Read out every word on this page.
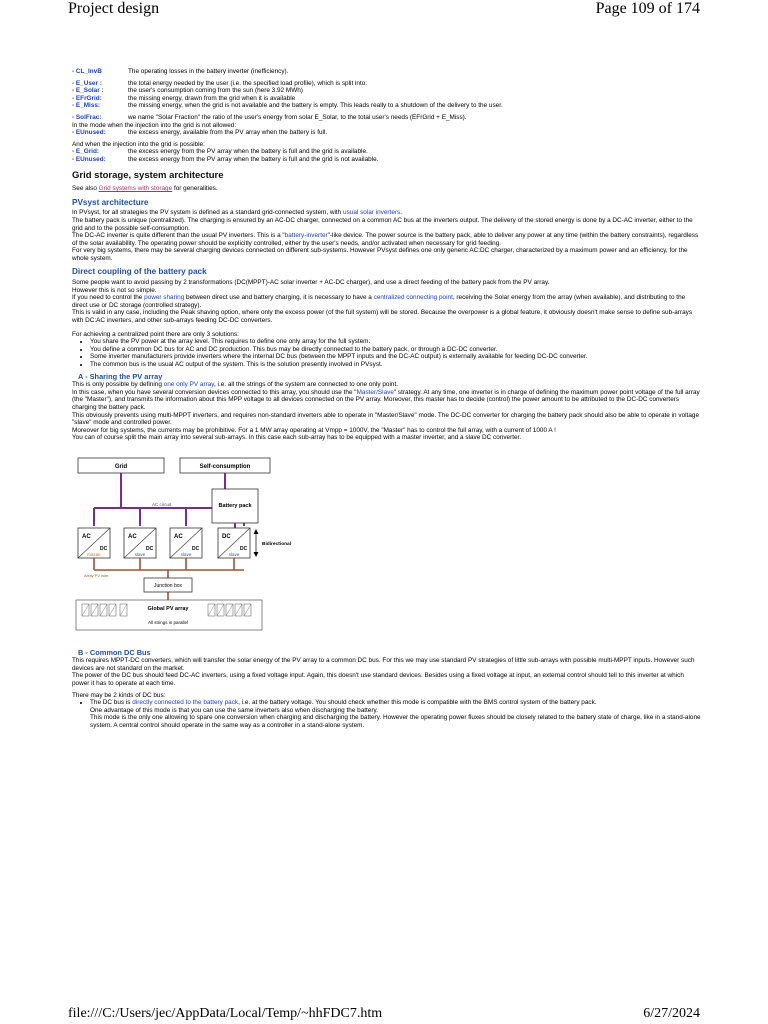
Project design	Page 109 of 174
- CL_InvB	The operating losses in the battery inverter (inefficiency).
- E_User :	the total energy needed by the user (i.e. the specified load profile), which is split into:
- E_Solar :	the user's consumption coming from the sun (here 3.92 MWh)
- EFrGrid:	the missing energy, drawn from the grid when it is available
- E_Miss:	the missing energy, when the grid is not available and the battery is empty. This leads really to a shutdown of the delivery to the user.
- SolFrac:	we name "Solar Fraction" the ratio of the user's energy from solar E_Solar, to the total user's needs (EFrGrid + E_Miss).

In the mode when the injection into the grid is not allowed:

- EUnused:	the excess energy, available from the PV array when the battery is full.

And when the injection into the grid is possible:

- E_Grid:	the excess energy from the PV array when the battery is full and the grid is available.
- EUnused:	the excess energy from the PV array when the battery is full and the grid is not available.
Grid storage, system architecture

See also Grid systems with storage for generalities.

PVsyst architecture

In PVsyst, for all strategies the PV system is defined as a standard grid-connected system, with usual solar inverters.

The battery pack is unique (centralized). The charging is ensured by an AC-DC charger, connected on a common AC bus at the inverters output. The delivery of the stored energy is done by a DC-AC inverter, either to the grid and to the possible self-consumption.

The DC-AC inverter is quite different than the usual PV inverters. This is a "battery-inverter"-like device. The power source is the battery pack, able to deliver any power at any time (within the battery constraints), regardless of the solar availability. The operating power should be explicitly controlled, either by the user's needs, and/or activated when necessary for grid feeding.

For very big systems, there may be several charging devices connected on different sub-systems. However PVsyst defines one only generic AC:DC charger, characterized by a maximum power and an efficiency, for the whole system.

Direct coupling of the battery pack

Some people want to avoid passing by 2 transformations (DC(MPPT)-AC solar inverter + AC-DC charger), and use a direct feeding of the battery pack from the PV array.

However this is not so simple.

If you need to control the power sharing between direct use and battery charging, it is necessary to have a centralized connecting point, receiving the Solar energy from the array (when available), and distributing to the direct use or DC storage (controlled strategy).

This is valid in any case, including the Peak shaving option, where only the excess power (of the full system) will be stored. Because the overpower is a global feature, it obviously doesn't make sense to define sub-arrays with DC:AC inverters, and other sub-arrays feeding DC-DC converters.

For achieving a centralized point there are only 3 solutions:

• You share the PV power at the array level. This requires to define one only array for the full system.
• You define a common DC bus for AC and DC production. This bus may be directly connected to the battery pack, or through a DC-DC converter.
• Some inverter manufacturers provide inverters where the internal DC bus (between the MPPT inputs and the DC-AC output) is externally available for feeding DC-DC converter.
• The common bus is the usual AC output of the system. This is the solution presently involved in PVsyst.
A - Sharing the PV array

This is only possible by defining one only PV array, i.e. all the strings of the system are connected to one only point.

In this case, when you have several conversion devices connected to this array, you should use the "Master/Slave" strategy. At any time, one inverter is in charge of defining the maximum power point voltage of the full array (the "Master"), and transmits the information about this MPP voltage to all devices connected on the PV array. Moreover, this master has to decide (control) the power amount to be attributed to the DC-DC converters charging the battery pack.

This obviously prevents using multi-MPPT inverters, and requires non-standard inverters able to operate in "Master/Slave" mode. The DC-DC converter for charging the battery pack should also be able to operate in voltage "slave" mode and controlled power.

Moreover for big systems, the currents may be prohibitive. For a 1 MW array operating at Vmpp = 1000V, the "Master" has to control the full array, with a current of 1000 A !

You can of course split the main array into several sub-arrays. In this case each sub-array has to be equipped with a master inverter, and a slave DC converter.

Grid	Self-consumption
AC circuit	Battery pack
AC
DC
master
AC
DC
slave
AC
DC
slave
DC
DC
slave
Bidirectional
Array PV wire
Junction box
Global PV array
All strings in parallel
B - Common DC Bus

This requires MPPT-DC converters, which will transfer the solar energy of the PV array to a common DC bus. For this we may use standard PV strategies of little sub-arrays with possible multi-MPPT inputs. However such devices are not standard on the market.

The power of the DC bus should feed DC-AC inverters, using a fixed voltage input. Again, this doesn't use standard devices. Besides using a fixed voltage at input, an external control should tell to this inverter at which power it has to operate at each time.

There may be 2 kinds of DC bus:

• The DC bus is directly connected to the battery pack, i.e. at the battery voltage. You should check whether this mode is compatible with the BMS control system of the battery pack.
One advantage of this mode is that you can use the same inverters also when discharging the battery.
This mode is the only one allowing to spare one conversion when charging and discharging the battery. However the operating power fluxes should be closely related to the battery state of charge, like in a stand-alone system. A central control should operate in the same way as a controller in a stand-alone system.
file:///C:/Users/jec/AppData/Local/Temp/~hhFDC7.htm	6/27/2024
